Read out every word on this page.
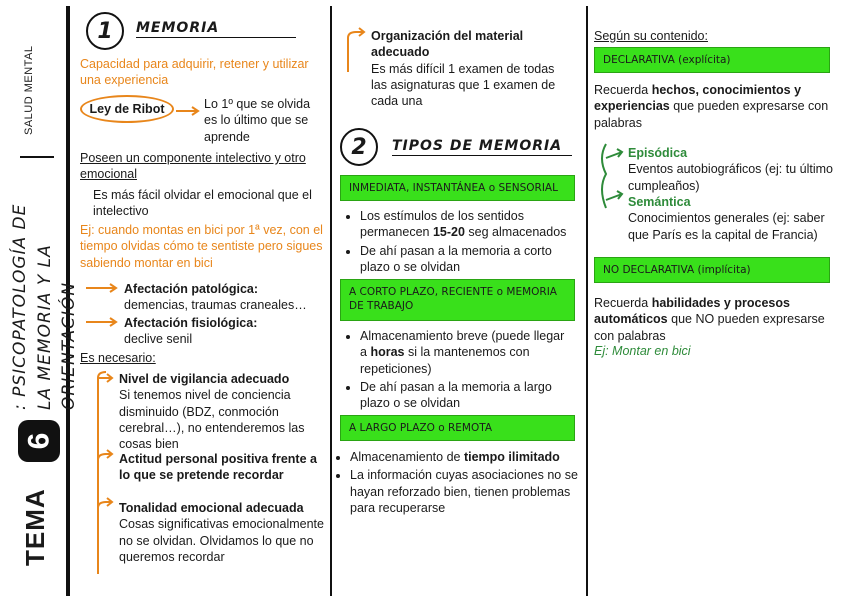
SALUD MENTAL
: PSICOPATOLOGÍA DE LA MEMORIA Y LA ORIENTACIÓN
TEMA
6
1	MEMORIA
Capacidad para adquirir, retener y utilizar una experiencia
Ley de Ribot	Lo 1º que se olvida es lo último que se aprende
Poseen un componente intelectivo y otro emocional
Es más fácil olvidar el emocional que el intelectivo
Ej: cuando montas en bici por 1ª vez, con el tiempo olvidas cómo te sentiste pero sigues sabiendo montar en bici
Afectación patológica:
demencias, traumas craneales…
Afectación fisiológica:
declive senil
Es necesario:
Nivel de vigilancia adecuado
Si tenemos nivel de conciencia disminuido (BDZ, conmoción cerebral…), no entenderemos las cosas bien
Actitud personal positiva frente a lo que se pretende recordar
Tonalidad emocional adecuada
Cosas significativas emocionalmente no se olvidan. Olvidamos lo que no queremos recordar
Organización del material adecuado
Es más difícil 1 examen de todas las asignaturas que 1 examen de cada una
2	TIPOS DE MEMORIA
INMEDIATA, INSTANTÁNEA o SENSORIAL
• Los estímulos de los sentidos permanecen 15-20 seg almacenados
• De ahí pasan a la memoria a corto plazo o se olvidan
A CORTO PLAZO, RECIENTE o MEMORIA DE TRABAJO
• Almacenamiento breve (puede llegar a horas si la mantenemos con repeticiones)
• De ahí pasan a la memoria a largo plazo o se olvidan
A LARGO PLAZO o REMOTA
• Almacenamiento de tiempo ilimitado
• La información cuyas asociaciones no se hayan reforzado bien, tienen problemas para recuperarse
Según su contenido:
DECLARATIVA (explícita)
Recuerda hechos, conocimientos y experiencias que pueden expresarse con palabras
Episódica
Eventos autobiográficos (ej: tu último cumpleaños)
Semántica
Conocimientos generales (ej: saber que París es la capital de Francia)
NO DECLARATIVA (implícita)
Recuerda habilidades y procesos automáticos que NO pueden expresarse con palabras
Ej: Montar en bici
